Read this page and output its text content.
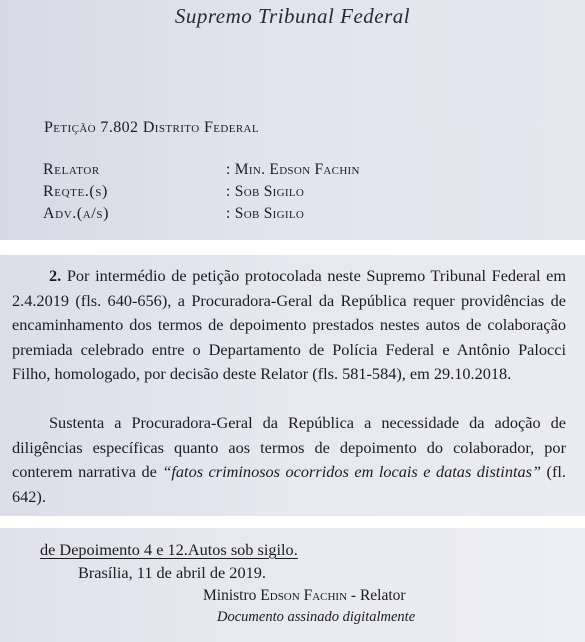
Supremo Tribunal Federal
Petição 7.802 Distrito Federal
Relator	: Min. Edson Fachin
Reqte.(s)	: Sob Sigilo
Adv.(a/s)	: Sob Sigilo

2. Por intermédio de petição protocolada neste Supremo Tribunal Federal em 2.4.2019 (fls. 640-656), a Procuradora-Geral da República requer providências de encaminhamento dos termos de depoimento prestados nestes autos de colaboração premiada celebrado entre o Departamento de Polícia Federal e Antônio Palocci Filho, homologado, por decisão deste Relator (fls. 581-584), em 29.10.2018.

Sustenta a Procuradora-Geral da República a necessidade da adoção de diligências específicas quanto aos termos de depoimento do colaborador, por conterem narrativa de “fatos criminosos ocorridos em locais e datas distintas” (fl. 642).

de Depoimento 4 e 12.Autos sob sigilo.
Brasília, 11 de abril de 2019.
Ministro Edson Fachin - Relator
Documento assinado digitalmente
